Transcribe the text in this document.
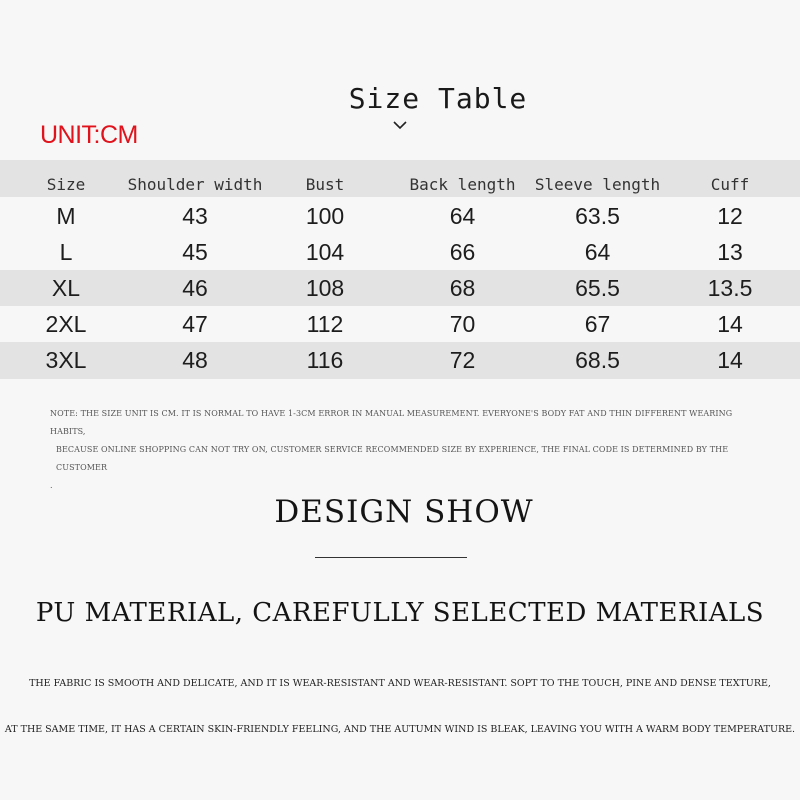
Size Table
UNIT:CM
Size	Shoulder width	Bust	Back length	Sleeve length	Cuff
M	43	100	64	63.5	12
L	45	104	66	64	13
XL	46	108	68	65.5	13.5
2XL	47	112	70	67	14
3XL	48	116	72	68.5	14

NOTE: THE SIZE UNIT IS CM. IT IS NORMAL TO HAVE 1-3CM ERROR IN MANUAL MEASUREMENT. EVERYONE'S BODY FAT AND THIN DIFFERENT WEARING HABITS,

BECAUSE ONLINE SHOPPING CAN NOT TRY ON, CUSTOMER SERVICE RECOMMENDED SIZE BY EXPERIENCE, THE FINAL CODE IS DETERMINED BY THE CUSTOMER

.

DESIGN SHOW
PU MATERIAL, CAREFULLY SELECTED MATERIALS
THE FABRIC IS SMOOTH AND DELICATE, AND IT IS WEAR-RESISTANT AND WEAR-RESISTANT. SOPT TO THE TOUCH, PINE AND DENSE TEXTURE,
AT THE SAME TIME, IT HAS A CERTAIN SKIN-FRIENDLY FEELING, AND THE AUTUMN WIND IS BLEAK, LEAVING YOU WITH A WARM BODY TEMPERATURE.
